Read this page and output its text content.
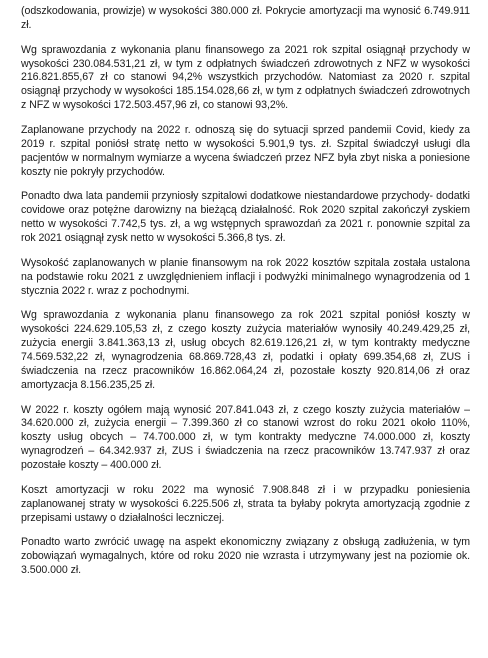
(odszkodowania, prowizje) w wysokości 380.000 zł. Pokrycie amortyzacji ma wynosić 6.749.911 zł.

Wg sprawozdania z wykonania planu finansowego za 2021 rok szpital osiągnął przychody w wysokości 230.084.531,21 zł, w tym z odpłatnych świadczeń zdrowotnych z NFZ w wysokości 216.821.855,67 zł co stanowi 94,2% wszystkich przychodów. Natomiast za 2020 r. szpital osiągnął przychody w wysokości 185.154.028,66 zł, w tym z odpłatnych świadczeń zdrowotnych z NFZ w wysokości 172.503.457,96 zł, co stanowi 93,2%.

Zaplanowane przychody na 2022 r. odnoszą się do sytuacji sprzed pandemii Covid, kiedy za 2019 r. szpital poniósł stratę netto w wysokości 5.901,9 tys. zł. Szpital świadczył usługi dla pacjentów w normalnym wymiarze a wycena świadczeń przez NFZ była zbyt niska a poniesione koszty nie pokryły przychodów.

Ponadto dwa lata pandemii przyniosły szpitalowi dodatkowe niestandardowe przychody- dodatki covidowe oraz potężne darowizny na bieżącą działalność. Rok 2020 szpital zakończył zyskiem netto w wysokości 7.742,5 tys. zł, a wg wstępnych sprawozdań za 2021 r. ponownie szpital za rok 2021 osiągnął zysk netto w wysokości 5.366,8 tys. zł.

Wysokość zaplanowanych w planie finansowym na rok 2022 kosztów szpitala została ustalona na podstawie roku 2021 z uwzględnieniem inflacji i podwyżki minimalnego wynagrodzenia od 1 stycznia 2022 r. wraz z pochodnymi.

Wg sprawozdania z wykonania planu finansowego za rok 2021 szpital poniósł koszty w wysokości 224.629.105,53 zł, z czego koszty zużycia materiałów wynosiły 40.249.429,25 zł, zużycia energii 3.841.363,13 zł, usług obcych 82.619.126,21 zł, w tym kontrakty medyczne 74.569.532,22 zł, wynagrodzenia 68.869.728,43 zł, podatki i opłaty 699.354,68 zł, ZUS i świadczenia na rzecz pracowników 16.862.064,24 zł, pozostałe koszty 920.814,06 zł oraz amortyzacja 8.156.235,25 zł.

W 2022 r. koszty ogółem mają wynosić 207.841.043 zł, z czego koszty zużycia materiałów – 34.620.000 zł, zużycia energii – 7.399.360 zł co stanowi wzrost do roku 2021 około 110%, koszty usług obcych – 74.700.000 zł, w tym kontrakty medyczne 74.000.000 zł, koszty wynagrodzeń – 64.342.937 zł, ZUS i świadczenia na rzecz pracowników 13.747.937 zł oraz pozostałe koszty – 400.000 zł.

Koszt amortyzacji w roku 2022 ma wynosić 7.908.848 zł i w przypadku poniesienia zaplanowanej straty w wysokości 6.225.506 zł, strata ta byłaby pokryta amortyzacją zgodnie z przepisami ustawy o działalności leczniczej.

Ponadto warto zwrócić uwagę na aspekt ekonomiczny związany z obsługą zadłużenia, w tym zobowiązań wymagalnych, które od roku 2020 nie wzrasta i utrzymywany jest na poziomie ok. 3.500.000 zł.
